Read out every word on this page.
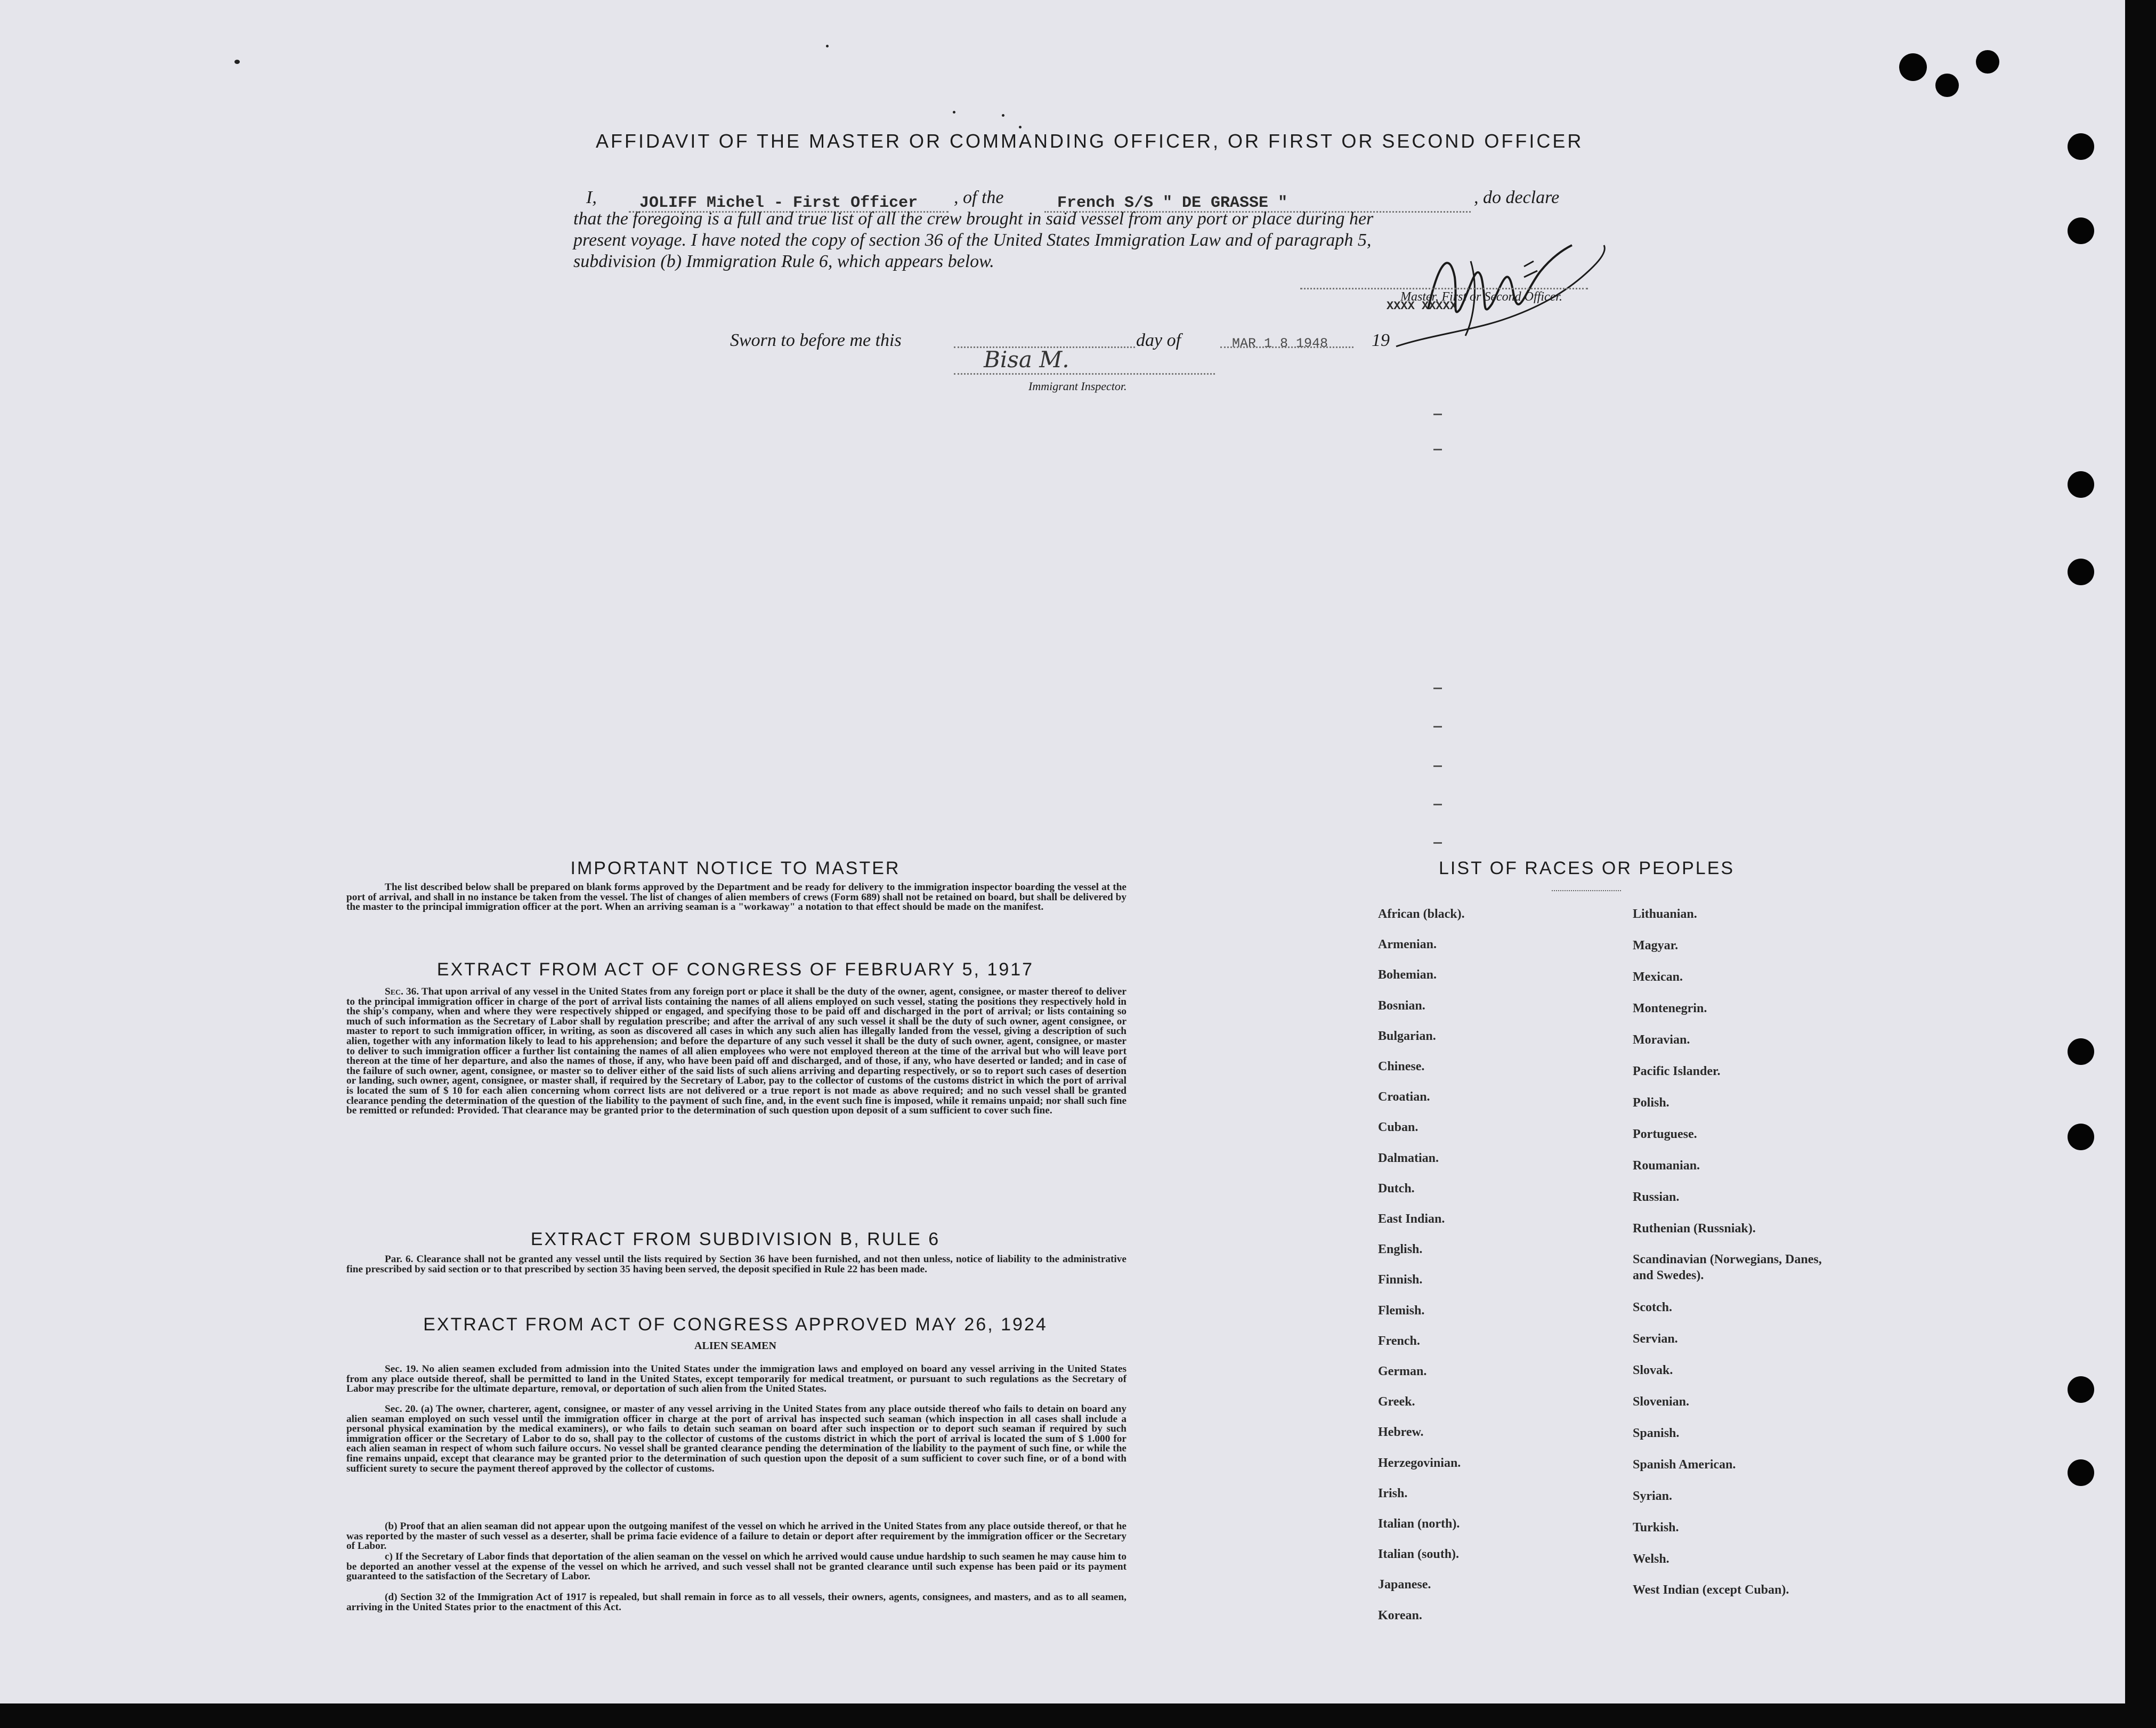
AFFIDAVIT OF THE MASTER OR COMMANDING OFFICER, OR FIRST OR SECOND OFFICER
I,	JOLIFF Michel - First Officer , of the	French S/S " DE GRASSE "	, do declare
that the foregoing is a full and true list of all the crew brought in said vessel from any port or place during her
present voyage. I have noted the copy of section 36 of the United States Immigration Law and of paragraph 5,
subdivision (b) Immigration Rule 6, which appears below.
Master, First or Second Officer.
XXXX XXXXX
Sworn to before me this	day of	MAR 1 8 1948 19
Bisa M.
Immigrant Inspector.
IMPORTANT NOTICE TO MASTER
The list described below shall be prepared on blank forms approved by the Department and be ready for delivery to the immigration inspector boarding the vessel at the port of arrival, and shall in no instance be taken from the vessel. The list of changes of alien members of crews (Form 689) shall not be retained on board, but shall be delivered by the master to the principal immigration officer at the port. When an arriving seaman is a "workaway" a notation to that effect should be made on the manifest.
EXTRACT FROM ACT OF CONGRESS OF FEBRUARY 5, 1917
Sec. 36. That upon arrival of any vessel in the United States from any foreign port or place it shall be the duty of the owner, agent, consignee, or master thereof to deliver to the principal immigration officer in charge of the port of arrival lists containing the names of all aliens employed on such vessel, stating the positions they respectively hold in the ship's company, when and where they were respectively shipped or engaged, and specifying those to be paid off and discharged in the port of arrival; or lists containing so much of such information as the Secretary of Labor shall by regulation prescribe; and after the arrival of any such vessel it shall be the duty of such owner, agent consignee, or master to report to such immigration officer, in writing, as soon as discovered all cases in which any such alien has illegally landed from the vessel, giving a description of such alien, together with any information likely to lead to his apprehension; and before the departure of any such vessel it shall be the duty of such owner, agent, consignee, or master to deliver to such immigration officer a further list containing the names of all alien employees who were not employed thereon at the time of the arrival but who will leave port thereon at the time of her departure, and also the names of those, if any, who have been paid off and discharged, and of those, if any, who have deserted or landed; and in case of the failure of such owner, agent, consignee, or master so to deliver either of the said lists of such aliens arriving and departing respectively, or so to report such cases of desertion or landing, such owner, agent, consignee, or master shall, if required by the Secretary of Labor, pay to the collector of customs of the customs district in which the port of arrival is located the sum of $ 10 for each alien concerning whom correct lists are not delivered or a true report is not made as above required; and no such vessel shall be granted clearance pending the determination of the question of the liability to the payment of such fine, and, in the event such fine is imposed, while it remains unpaid; nor shall such fine be remitted or refunded: Provided. That clearance may be granted prior to the determination of such question upon deposit of a sum sufficient to cover such fine.
EXTRACT FROM SUBDIVISION B, RULE 6
Par. 6. Clearance shall not be granted any vessel until the lists required by Section 36 have been furnished, and not then unless, notice of liability to the administrative fine prescribed by said section or to that prescribed by section 35 having been served, the deposit specified in Rule 22 has been made.
EXTRACT FROM ACT OF CONGRESS APPROVED MAY 26, 1924
ALIEN SEAMEN
Sec. 19. No alien seamen excluded from admission into the United States under the immigration laws and employed on board any vessel arriving in the United States from any place outside thereof, shall be permitted to land in the United States, except temporarily for medical treatment, or pursuant to such regulations as the Secretary of Labor may prescribe for the ultimate departure, removal, or deportation of such alien from the United States.
Sec. 20. (a) The owner, charterer, agent, consignee, or master of any vessel arriving in the United States from any place outside thereof who fails to detain on board any alien seaman employed on such vessel until the immigration officer in charge at the port of arrival has inspected such seaman (which inspection in all cases shall include a personal physical examination by the medical examiners), or who fails to detain such seaman on board after such inspection or to deport such seaman if required by such immigration officer or the Secretary of Labor to do so, shall pay to the collector of customs of the customs district in which the port of arrival is located the sum of $ 1.000 for each alien seaman in respect of whom such failure occurs. No vessel shall be granted clearance pending the determination of the liability to the payment of such fine, or while the fine remains unpaid, except that clearance may be granted prior to the determination of such question upon the deposit of a sum sufficient to cover such fine, or of a bond with sufficient surety to secure the payment thereof approved by the collector of customs.
(b) Proof that an alien seaman did not appear upon the outgoing manifest of the vessel on which he arrived in the United States from any place outside thereof, or that he was reported by the master of such vessel as a deserter, shall be prima facie evidence of a failure to detain or deport after requirement by the immigration officer or the Secretary of Labor.
c) If the Secretary of Labor finds that deportation of the alien seaman on the vessel on which he arrived would cause undue hardship to such seamen he may cause him to be deported an another vessel at the expense of the vessel on which he arrived, and such vessel shall not be granted clearance until such expense has been paid or its payment guaranteed to the satisfaction of the Secretary of Labor.
(d) Section 32 of the Immigration Act of 1917 is repealed, but shall remain in force as to all vessels, their owners, agents, consignees, and masters, and as to all seamen, arriving in the United States prior to the enactment of this Act.
LIST OF RACES OR PEOPLES
African (black).
Armenian.
Bohemian.
Bosnian.
Bulgarian.
Chinese.
Croatian.
Cuban.
Dalmatian.
Dutch.
East Indian.
English.
Finnish.
Flemish.
French.
German.
Greek.
Hebrew.
Herzegovinian.
Irish.
Italian (north).
Italian (south).
Japanese.
Korean.
Lithuanian.
Magyar.
Mexican.
Montenegrin.
Moravian.
Pacific Islander.
Polish.
Portuguese.
Roumanian.
Russian.
Ruthenian (Russniak).
Scandinavian (Norwegians, Danes, and Swedes).
Scotch.
Servian.
Slovak.
Slovenian.
Spanish.
Spanish American.
Syrian.
Turkish.
Welsh.
West Indian (except Cuban).
